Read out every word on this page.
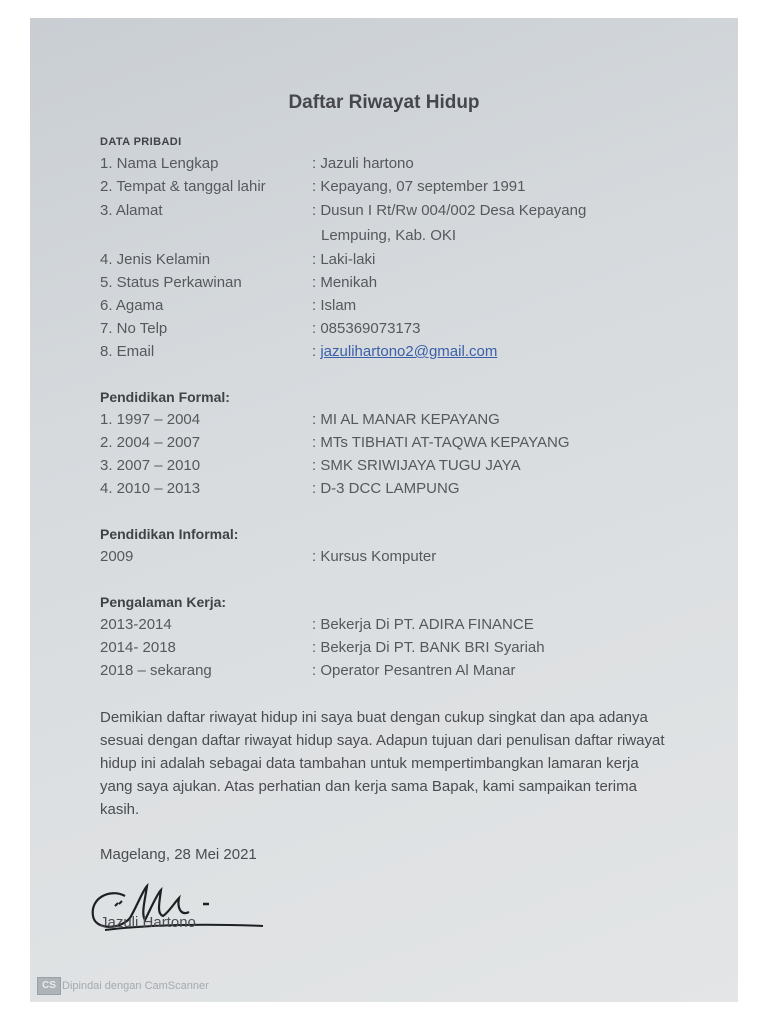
Daftar Riwayat Hidup
DATA PRIBADI
1. Nama Lengkap	: Jazuli hartono
2. Tempat & tanggal lahir	: Kepayang, 07 september 1991
3. Alamat	: Dusun I Rt/Rw 004/002 Desa Kepayang
Lempuing, Kab. OKI
4. Jenis Kelamin	: Laki-laki
5. Status Perkawinan	: Menikah
6. Agama	: Islam
7. No Telp	: 085369073173
8. Email	: jazulihartono2@gmail.com
Pendidikan Formal:
1. 1997 – 2004	: MI AL MANAR KEPAYANG
2. 2004 – 2007	: MTs TIBHATI AT-TAQWA KEPAYANG
3. 2007 – 2010	: SMK SRIWIJAYA TUGU JAYA
4. 2010 – 2013	: D-3 DCC LAMPUNG
Pendidikan Informal:
2009	: Kursus Komputer
Pengalaman Kerja:
2013-2014	: Bekerja Di PT. ADIRA FINANCE
2014- 2018	: Bekerja Di PT. BANK BRI Syariah
2018 – sekarang	: Operator Pesantren Al Manar
Demikian daftar riwayat hidup ini saya buat dengan cukup singkat dan apa adanya sesuai dengan daftar riwayat hidup saya. Adapun tujuan dari penulisan daftar riwayat hidup ini adalah sebagai data tambahan untuk mempertimbangkan lamaran kerja yang saya ajukan. Atas perhatian dan kerja sama Bapak, kami sampaikan terima kasih.
Magelang, 28 Mei 2021
Jazuli Hartono
CS Dipindai dengan CamScanner
